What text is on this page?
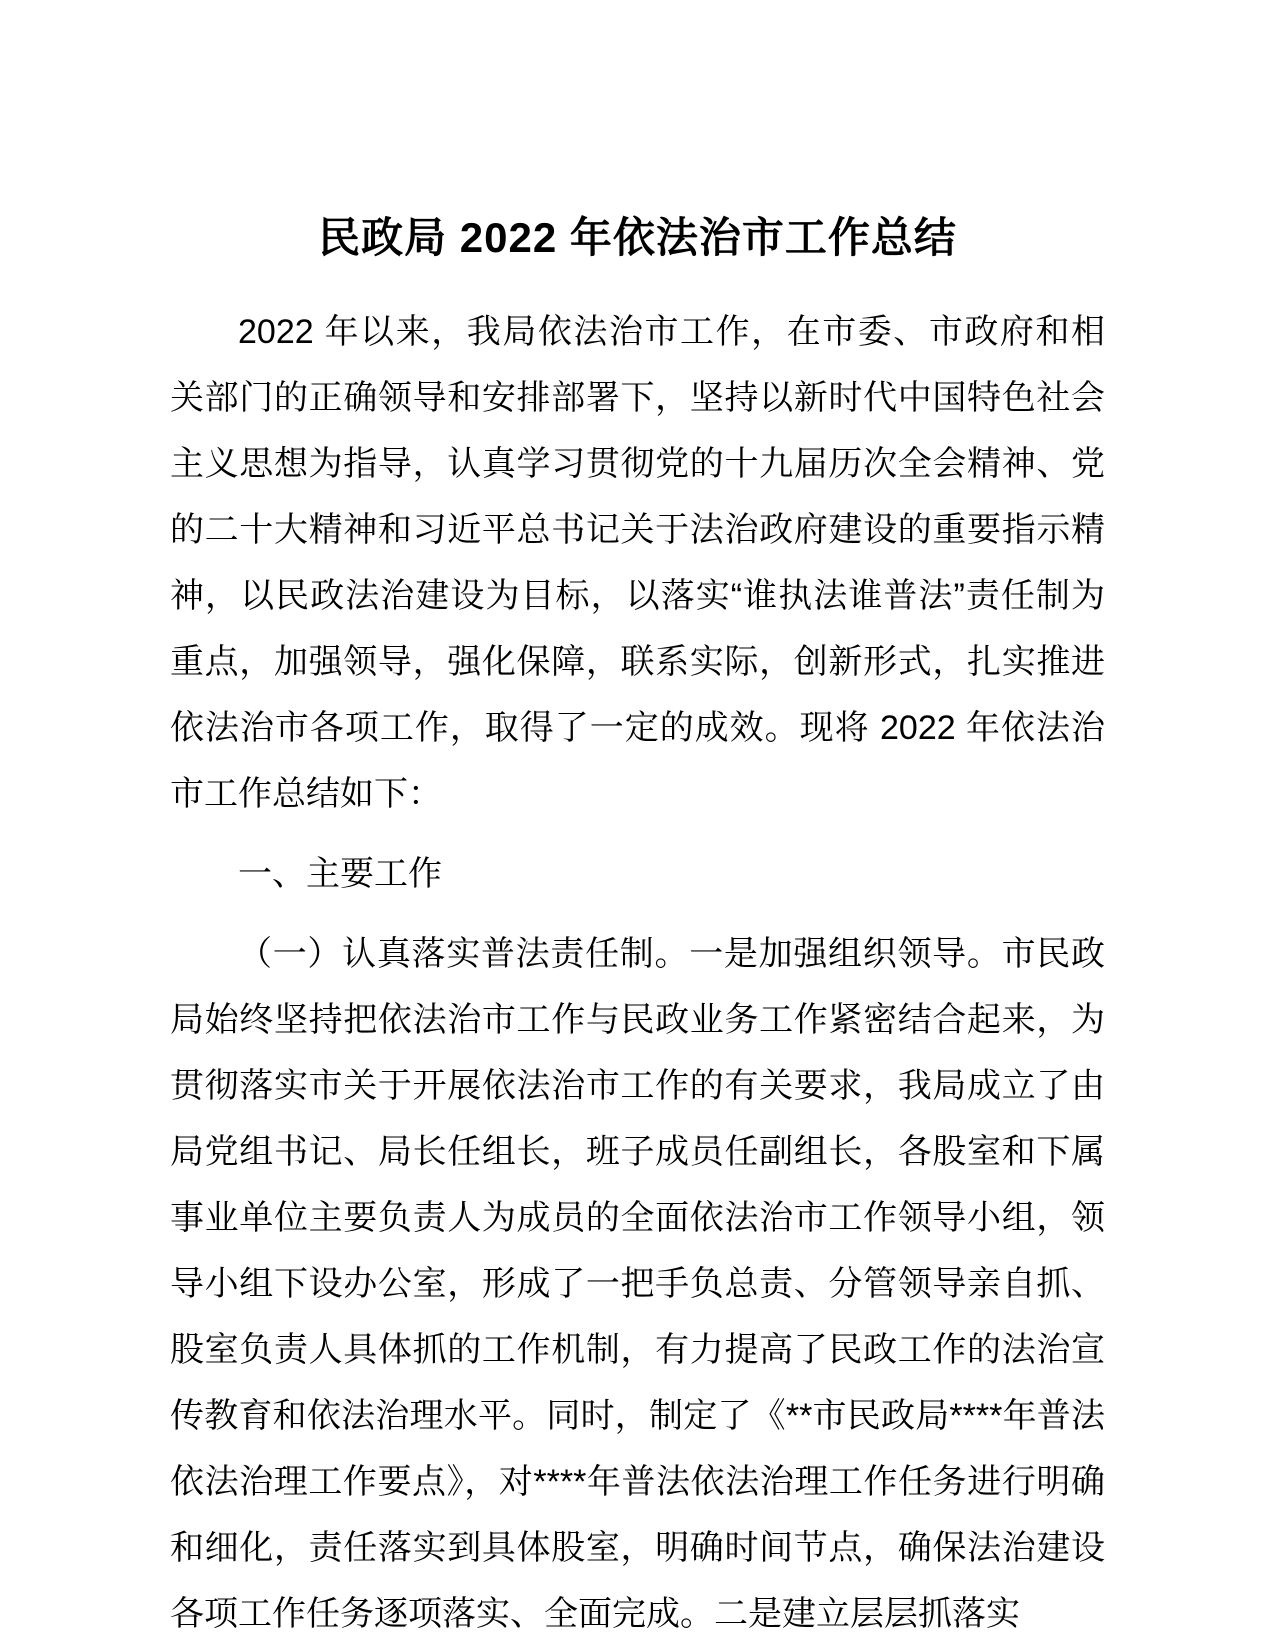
民政局 2022 年依法治市工作总结

2022 年以来，我局依法治市工作，在市委、市政府和相关部门的正确领导和安排部署下，坚持以新时代中国特色社会主义思想为指导，认真学习贯彻党的十九届历次全会精神、党的二十大精神和习近平总书记关于法治政府建设的重要指示精神，以民政法治建设为目标，以落实“谁执法谁普法”责任制为重点，加强领导，强化保障，联系实际，创新形式，扎实推进依法治市各项工作，取得了一定的成效。现将 2022 年依法治市工作总结如下：

一、主要工作

（一）认真落实普法责任制。一是加强组织领导。市民政局始终坚持把依法治市工作与民政业务工作紧密结合起来，为贯彻落实市关于开展依法治市工作的有关要求，我局成立了由局党组书记、局长任组长，班子成员任副组长，各股室和下属事业单位主要负责人为成员的全面依法治市工作领导小组，领导小组下设办公室，形成了一把手负总责、分管领导亲自抓、股室负责人具体抓的工作机制，有力提高了民政工作的法治宣传教育和依法治理水平。同时，制定了《**市民政局****年普法依法治理工作要点》，对****年普法依法治理工作任务进行明确和细化，责任落实到具体股室，明确时间节点，确保法治建设各项工作任务逐项落实、全面完成。二是建立层层抓落实
